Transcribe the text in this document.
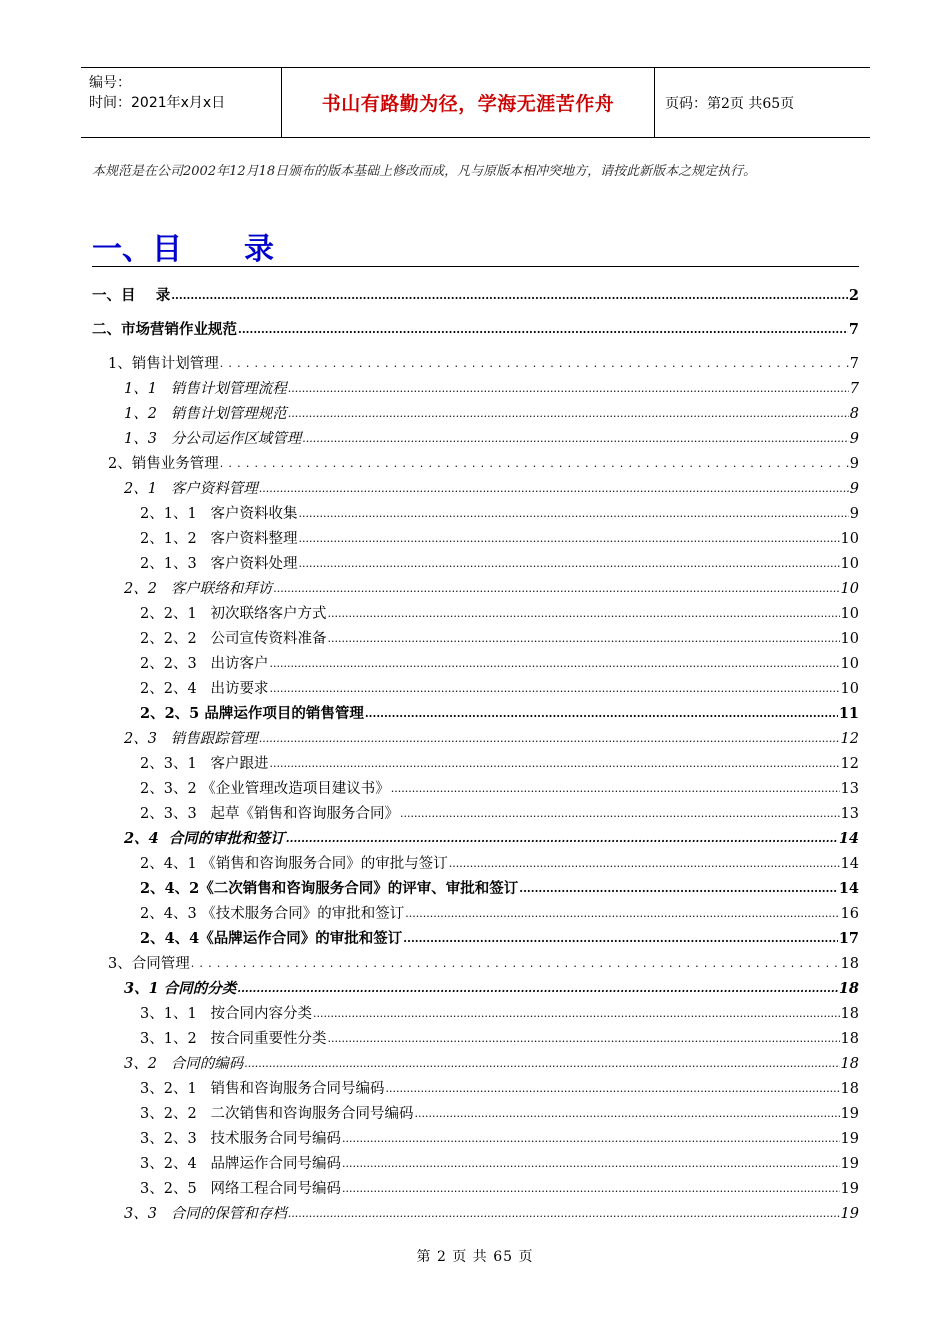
编号：
时间：2021年x月x日	书山有路勤为径，学海无涯苦作舟	页码：第2页 共65页
本规范是在公司2002年12月18日颁布的版本基础上修改而成，凡与原版本相冲突地方，请按此新版本之规定执行。
一、目 录
一、目    录 .....	2
二、市场营销作业规范 .....	7
1、销售计划管理 .....	7
1、1   销售计划管理流程 .....	7
1、2   销售计划管理规范 .....	8
1、3   分公司运作区域管理 .....	9
2、销售业务管理 .....	9
2、1   客户资料管理 .....	9
2、1、1   客户资料收集 .....	9
2、1、2   客户资料整理 .....	10
2、1、3   客户资料处理 .....	10
2、2   客户联络和拜访 .....	10
2、2、1   初次联络客户方式 .....	10
2、2、2   公司宣传资料准备 .....	10
2、2、3   出访客户 .....	10
2、2、4   出访要求 .....	10
2、2、5 品牌运作项目的销售管理 .....	11
2、3   销售跟踪管理 .....	12
2、3、1   客户跟进 .....	12
2、3、2 《企业管理改造项目建议书》 .....	13
2、3、3   起草《销售和咨询服务合同》 .....	13
2、4  合同的审批和签订 .....	14
2、4、1 《销售和咨询服务合同》的审批与签订 .....	14
2、4、2《二次销售和咨询服务合同》的评审、审批和签订 .....	14
2、4、3 《技术服务合同》的审批和签订 .....	16
2、4、4《品牌运作合同》的审批和签订 .....	17
3、合同管理 .....	18
3、1 合同的分类 .....	18
3、1、1   按合同内容分类 .....	18
3、1、2   按合同重要性分类 .....	18
3、2   合同的编码 .....	18
3、2、1   销售和咨询服务合同号编码 .....	18
3、2、2   二次销售和咨询服务合同号编码 .....	19
3、2、3   技术服务合同号编码 .....	19
3、2、4   品牌运作合同号编码 .....	19
3、2、5   网络工程合同号编码 .....	19
3、3   合同的保管和存档 .....	19
第 2 页 共 65 页
